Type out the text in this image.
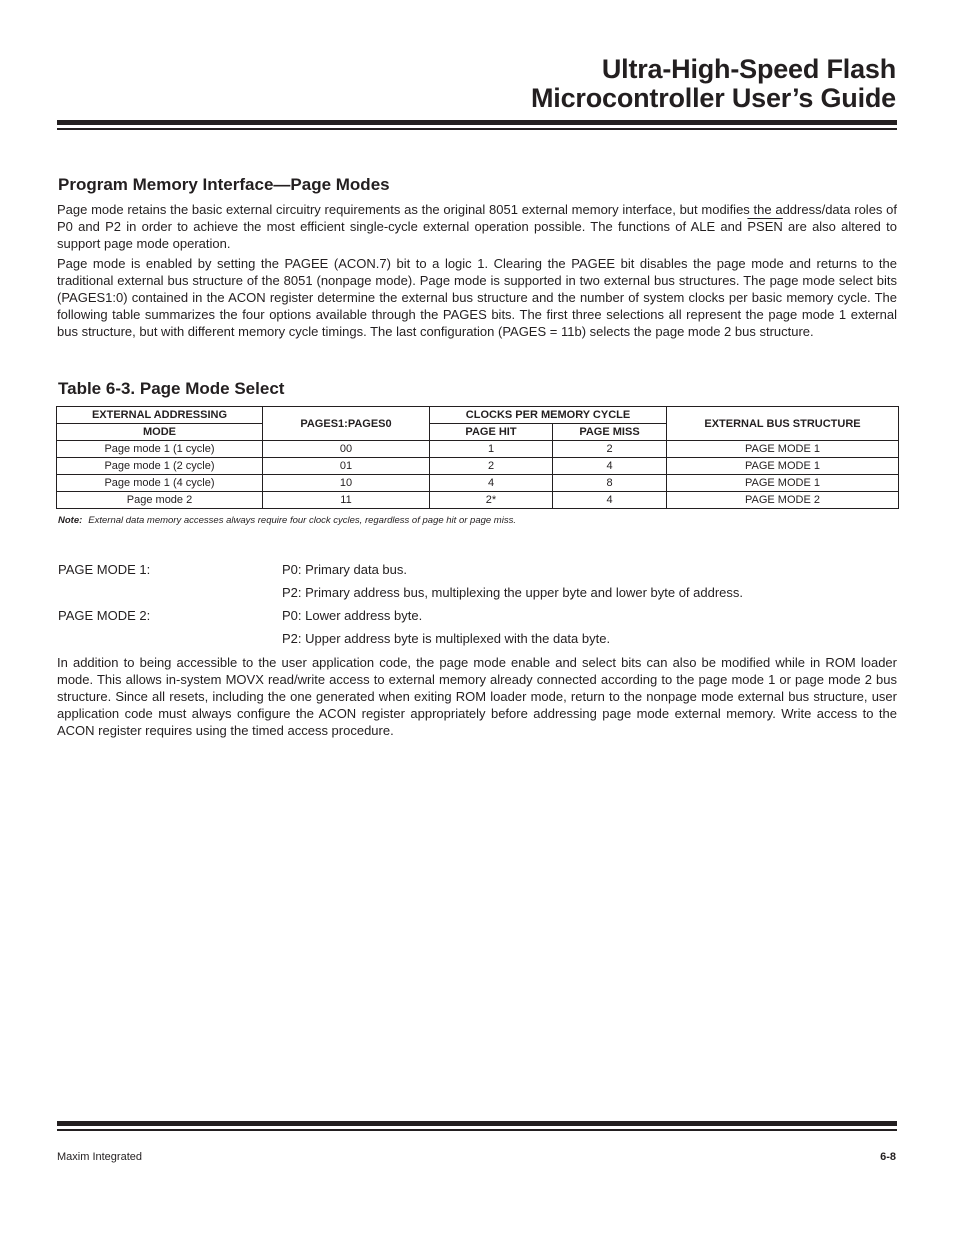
Ultra-High-Speed Flash
Microcontroller User’s Guide
Program Memory Interface—Page Modes
Page mode retains the basic external circuitry requirements as the original 8051 external memory interface, but modifies the address/data roles of P0 and P2 in order to achieve the most efficient single-cycle external operation possible. The functions of ALE and PSEN are also altered to support page mode operation.
Page mode is enabled by setting the PAGEE (ACON.7) bit to a logic 1. Clearing the PAGEE bit disables the page mode and returns to the traditional external bus structure of the 8051 (nonpage mode). Page mode is supported in two external bus structures. The page mode select bits (PAGES1:0) contained in the ACON register determine the external bus structure and the number of system clocks per basic memory cycle. The following table summarizes the four options available through the PAGES bits. The first three selections all represent the page mode 1 external bus structure, but with different memory cycle timings. The last configuration (PAGES = 11b) selects the page mode 2 bus structure.
Table 6-3. Page Mode Select
EXTERNAL ADDRESSING	PAGES1:PAGES0	CLOCKS PER MEMORY CYCLE		EXTERNAL BUS STRUCTURE
MODE		PAGE HIT	PAGE MISS	
Page mode 1 (1 cycle)	00	1	2	PAGE MODE 1
Page mode 1 (2 cycle)	01	2	4	PAGE MODE 1
Page mode 1 (4 cycle)	10	4	8	PAGE MODE 1
Page mode 2	11	2*	4	PAGE MODE 2
Note: External data memory accesses always require four clock cycles, regardless of page hit or page miss.
PAGE MODE 1:	P0: Primary data bus.
P2: Primary address bus, multiplexing the upper byte and lower byte of address.
PAGE MODE 2:	P0: Lower address byte.
P2: Upper address byte is multiplexed with the data byte.
In addition to being accessible to the user application code, the page mode enable and select bits can also be modified while in ROM loader mode. This allows in-system MOVX read/write access to external memory already connected according to the page mode 1 or page mode 2 bus structure. Since all resets, including the one generated when exiting ROM loader mode, return to the nonpage mode external bus structure, user application code must always configure the ACON register appropriately before addressing page mode external memory. Write access to the ACON register requires using the timed access procedure.
Maxim Integrated	6-8
